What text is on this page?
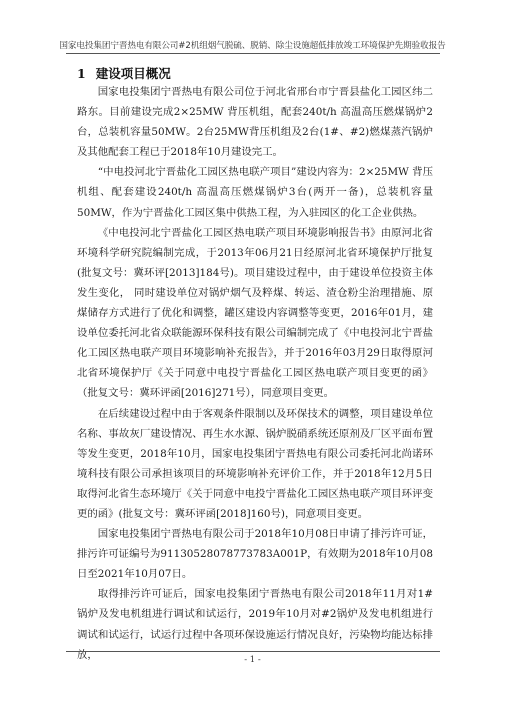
国家电投集团宁晋热电有限公司#2机组烟气脱硫、脱销、除尘设施超低排放竣工环境保护先期验收报告
1 建设项目概况

国家电投集团宁晋热电有限公司位于河北省邢台市宁晋县盐化工园区纬二路东。目前建设完成2×25MW 背压机组，配套240t/h 高温高压燃煤锅炉2台，总装机容量50MW。2台25MW背压机组及2台(1#、#2)燃煤蒸汽锅炉及其他配套工程已于2018年10月建设完工。

“中电投河北宁晋盐化工园区热电联产项目”建设内容为：2×25MW 背压机组、配套建设240t/h 高温高压燃煤锅炉3台(两开一备)，总装机容量50MW，作为宁晋盐化工园区集中供热工程，为入驻园区的化工企业供热。

《中电投河北宁晋盐化工园区热电联产项目环境影响报告书》由原河北省环境科学研究院编制完成，于2013年06月21日经原河北省环境保护厅批复(批复文号：冀环评[2013]184号)。项目建设过程中，由于建设单位投资主体发生变化， 同时建设单位对锅炉烟气及粹煤、转运、渣仓粉尘治理措施、原煤储存方式进行了优化和调整，罐区建设内容调整等变更，2016年01月，建设单位委托河北省众联能源环保科技有限公司编制完成了《中电投河北宁晋盐化工园区热电联产项目环境影响补充报告》，并于2016年03月29日取得原河北省环境保护厅《关于同意中电投宁晋盐化工园区热电联产项目变更的函》（批复文号：冀环评函[2016]271号），同意项目变更。

在后续建设过程中由于客观条件限制以及环保技术的调整，项目建设单位名称、事故灰厂建设情况、再生水水源、锅炉脱硝系统还原剂及厂区平面布置等发生变更，2018年10月，国家电投集团宁晋热电有限公司委托河北尚诺环境科技有限公司承担该项目的环境影响补充评价工作，并于2018年12月5日取得河北省生态环境厅《关于同意中电投宁晋盐化工园区热电联产项目环评变更的函》(批复文号：冀环评函[2018]160号)，同意项目变更。

国家电投集团宁晋热电有限公司于2018年10月08日申请了排污许可证，排污许可证编号为91130528078773783A001P，有效期为2018年10月08日至2021年10月07日。

取得排污许可证后，国家电投集团宁晋热电有限公司2018年11月对1#锅炉及发电机组进行调试和试运行，2019年10月对#2锅炉及发电机组进行调试和试运行，试运行过程中各项环保设施运行情况良好，污染物均能达标排放，	- 1 -
